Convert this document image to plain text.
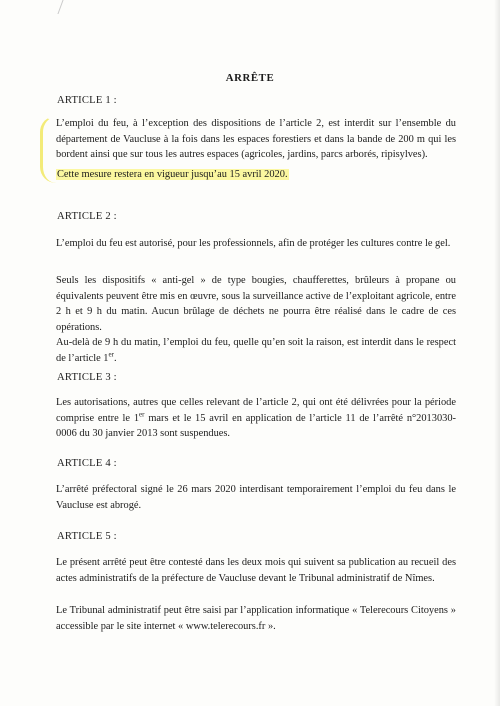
ARRÊTE

ARTICLE 1 :

L’emploi du feu, à l’exception des dispositions de l’article 2, est interdit sur l’ensemble du département de Vaucluse à la fois dans les espaces forestiers et dans la bande de 200 m qui les bordent ainsi que sur tous les autres espaces (agricoles, jardins, parcs arborés, ripisylves).

Cette mesure restera en vigueur jusqu’au 15 avril 2020.

ARTICLE 2 :

L’emploi du feu est autorisé, pour les professionnels, afin de protéger les cultures contre le gel.

Seuls les dispositifs « anti-gel » de type bougies, chaufferettes, brûleurs à propane ou équivalents peuvent être mis en œuvre, sous la surveillance active de l’exploitant agricole, entre 2 h et 9 h du matin. Aucun brûlage de déchets ne pourra être réalisé dans le cadre de ces opérations.

Au-delà de 9 h du matin, l’emploi du feu, quelle qu’en soit la raison, est interdit dans le respect de l’article 1er.

ARTICLE 3 :

Les autorisations, autres que celles relevant de l’article 2, qui ont été délivrées pour la période comprise entre le 1er mars et le 15 avril en application de l’article 11 de l’arrêté n°2013030-0006 du 30 janvier 2013 sont suspendues.

ARTICLE 4 :

L’arrêté préfectoral signé le 26 mars 2020 interdisant temporairement l’emploi du feu dans le Vaucluse est abrogé.

ARTICLE 5 :

Le présent arrêté peut être contesté dans les deux mois qui suivent sa publication au recueil des actes administratifs de la préfecture de Vaucluse devant le Tribunal administratif de Nîmes.

Le Tribunal administratif peut être saisi par l’application informatique « Telerecours Citoyens » accessible par le site internet « www.telerecours.fr ».
